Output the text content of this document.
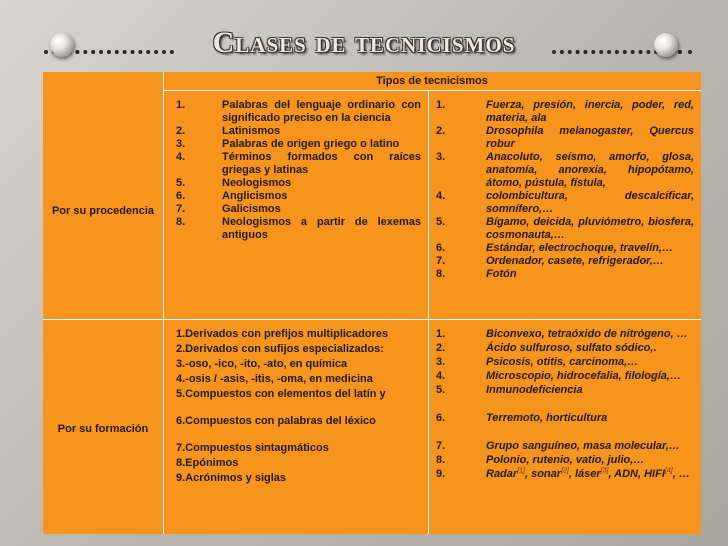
Clases de tecnicismos
Tipos de tecnicismos
Por su procedencia
1.	Palabras del lenguaje ordinario con significado preciso en la ciencia
2.	Latinismos
3.	Palabras de origen griego o latino
4.	Términos formados con raíces griegas y latinas
5.	Neologismos
6.	Anglicismos
7.	Galicismos
8.	Neologismos a partir de lexemas antiguos
1.	Fuerza, presión, inercia, poder, red, materia, ala
2.	Drosophila melanogaster, Quercus robur
3.	Anacoluto, seísmo, amorfo, glosa, anatomía, anorexia, hipopótamo, átomo, pústula, fístula,
4.	colombicultura, descalcificar, somnífero,…
5.	Bígamo, deicida, pluviómetro, biosfera, cosmonauta,…
6.	Estándar, electrochoque, travelín,…
7.	Ordenador, casete, refrigerador,…
8.	Fotón
Por su formación
1.Derivados con prefijos multiplicadores
2.Derivados con sufijos especializados:
3.-oso, -ico, -ito, -ato, en química
4.-osis / -asis, -itis, -oma, en medicina
5.Compuestos con elementos del latín y
6.Compuestos con palabras del léxico
7.Compuestos sintagmáticos
8.Epónimos
9.Acrónimos y siglas
1.	Biconvexo, tetraóxido de nitrógeno, …
2.	Ácido sulfuroso, sulfato sódico,.
3.	Psicosis, otitis, carcinoma,…
4.	Microscopio, hidrocefalia, filología,…
5.	Inmunodeficiencia

6.	Terremoto, horticultura

7.	Grupo sanguíneo, masa molecular,…
8.	Polonio, rutenio, vatio, julio,…
9.	Radar[1], sonar[2], láser[3], ADN, HIFI[4], …
